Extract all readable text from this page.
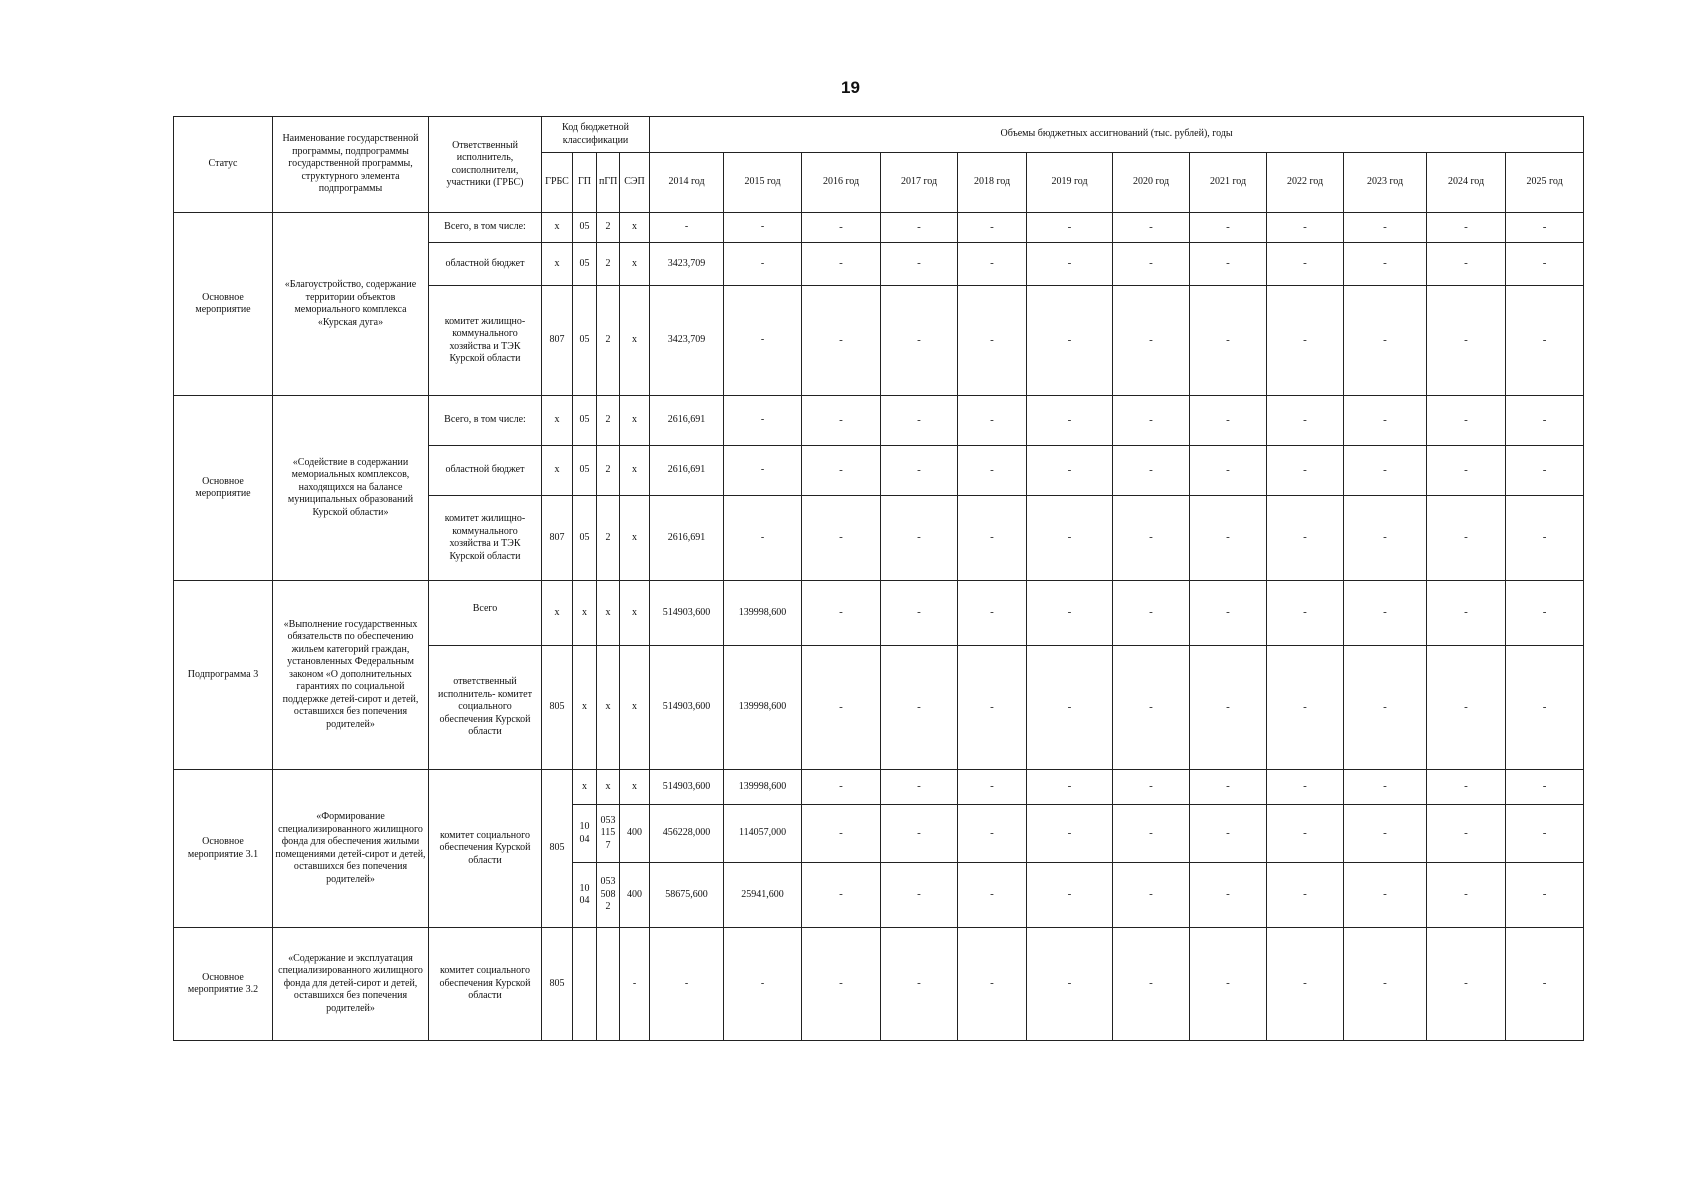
19
Статус	Наименование государственной программы, подпрограммы государственной программы, структурного элемента подпрограммы	Ответственный исполнитель, соисполнители, участники (ГРБС)	Код бюджетной классификации				Объемы бюджетных ассигнований (тыс. рублей), годы											
			ГРБС	ГП	пГП	СЭП	2014 год	2015 год	2016 год	2017 год	2018 год	2019 год	2020 год	2021 год	2022 год	2023 год	2024 год	2025 год
Основное мероприятие	«Благоустройство, содержание территории объектов мемориального комплекса «Курская дуга»	Всего, в том числе:	x	05	2	x	-	-	-	-	-	-	-	-	-	-	-	-
		областной бюджет	x	05	2	x	3423,709	-	-	-	-	-	-	-	-	-	-	-
		комитет жилищно-коммунального хозяйства и ТЭК Курской области	807	05	2	x	3423,709	-	-	-	-	-	-	-	-	-	-	-
Основное мероприятие	«Содействие в содержании мемориальных комплексов, находящихся на балансе муниципальных образований Курской области»	Всего, в том числе:	x	05	2	x	2616,691	-	-	-	-	-	-	-	-	-	-	-
		областной бюджет	x	05	2	x	2616,691	-	-	-	-	-	-	-	-	-	-	-
		комитет жилищно-коммунального хозяйства и ТЭК Курской области	807	05	2	x	2616,691	-	-	-	-	-	-	-	-	-	-	-
Подпрограмма 3	«Выполнение государственных обязательств по обеспечению жильем категорий граждан, установленных Федеральным законом «О дополнительных гарантиях по социальной поддержке детей-сирот и детей, оставшихся без попечения родителей»	Всего	x	x	x	x	514903,600	139998,600	-	-	-	-	-	-	-	-	-	-
		ответственный исполнитель- комитет социального обеспечения Курской области	805	x	x	x	514903,600	139998,600	-	-	-	-	-	-	-	-	-	-
Основное мероприятие 3.1	«Формирование специализированного жилищного фонда для обеспечения жилыми помещениями детей-сирот и детей, оставшихся без попечения родителей»	комитет социального обеспечения Курской области	805	x	x	x	514903,600	139998,600	-	-	-	-	-	-	-	-	-	-
				10 04	053 115 7	400	456228,000	114057,000	-	-	-	-	-	-	-	-	-	-
				10 04	053 508 2	400	58675,600	25941,600	-	-	-	-	-	-	-	-	-	-
Основное мероприятие 3.2	«Содержание и эксплуатация специализированного жилищного фонда для детей-сирот и детей, оставшихся без попечения родителей»	комитет социального обеспечения Курской области	805			-	-	-	-	-	-	-	-	-	-	-	-	-
